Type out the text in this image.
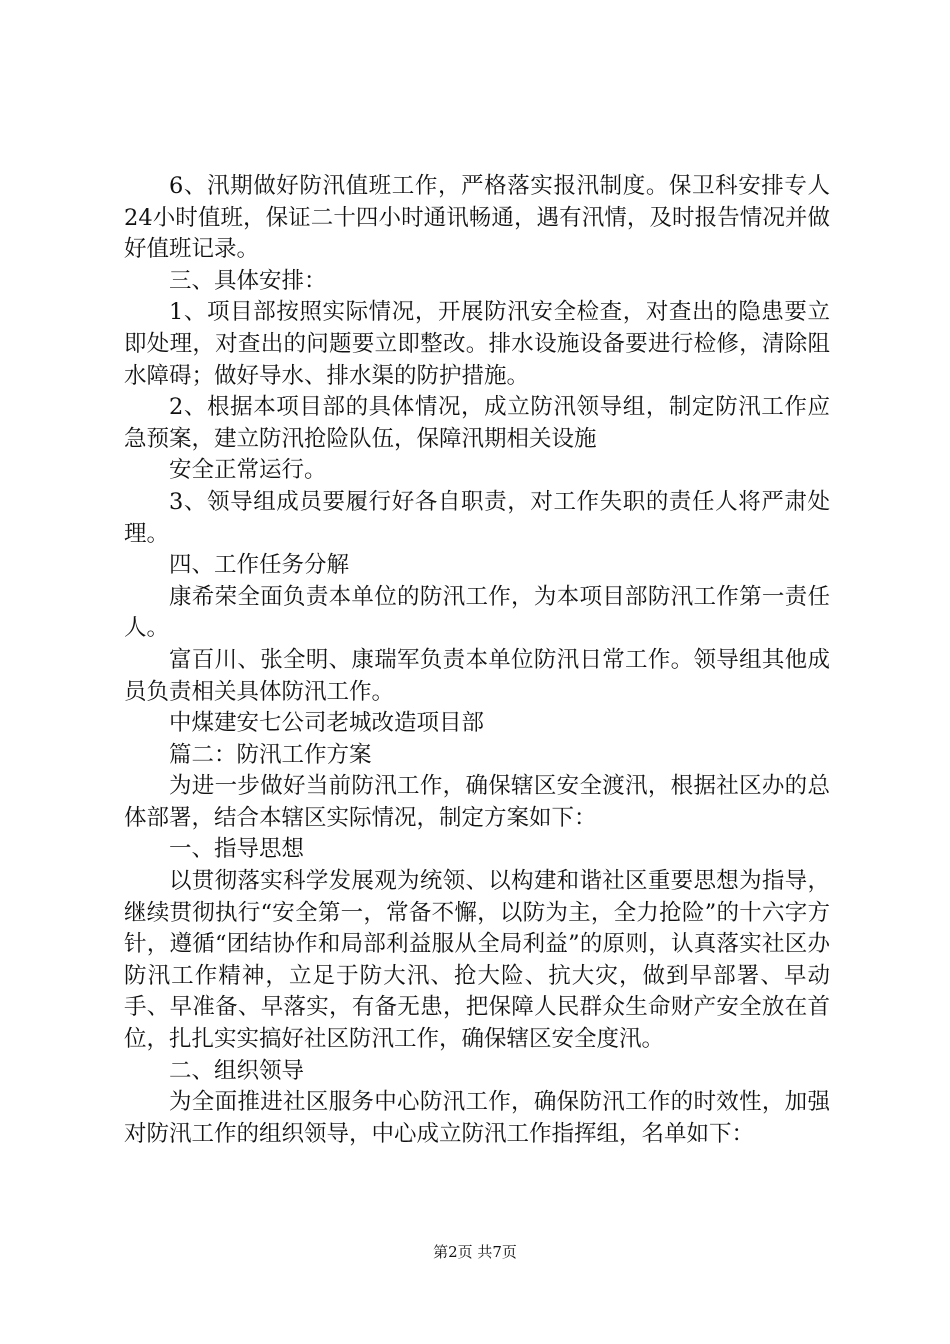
6、汛期做好防汛值班工作，严格落实报汛制度。保卫科安排专人24小时值班，保证二十四小时通讯畅通，遇有汛情，及时报告情况并做好值班记录。

三、具体安排：

1、项目部按照实际情况，开展防汛安全检查，对查出的隐患要立即处理，对查出的问题要立即整改。排水设施设备要进行检修，清除阻水障碍；做好导水、排水渠的防护措施。

2、根据本项目部的具体情况，成立防汛领导组，制定防汛工作应急预案，建立防汛抢险队伍，保障汛期相关设施

安全正常运行。

3、领导组成员要履行好各自职责，对工作失职的责任人将严肃处理。

四、工作任务分解

康希荣全面负责本单位的防汛工作，为本项目部防汛工作第一责任人。

富百川、张全明、康瑞军负责本单位防汛日常工作。领导组其他成员负责相关具体防汛工作。

中煤建安七公司老城改造项目部

篇二：防汛工作方案

为进一步做好当前防汛工作，确保辖区安全渡汛，根据社区办的总体部署，结合本辖区实际情况，制定方案如下：

一、指导思想

以贯彻落实科学发展观为统领、以构建和谐社区重要思想为指导，继续贯彻执行“安全第一，常备不懈，以防为主，全力抢险”的十六字方针，遵循“团结协作和局部利益服从全局利益”的原则，认真落实社区办防汛工作精神，立足于防大汛、抢大险、抗大灾，做到早部署、早动手、早准备、早落实，有备无患，把保障人民群众生命财产安全放在首位，扎扎实实搞好社区防汛工作，确保辖区安全度汛。

二、组织领导

为全面推进社区服务中心防汛工作，确保防汛工作的时效性，加强对防汛工作的组织领导，中心成立防汛工作指挥组，名单如下：

第2页 共7页
